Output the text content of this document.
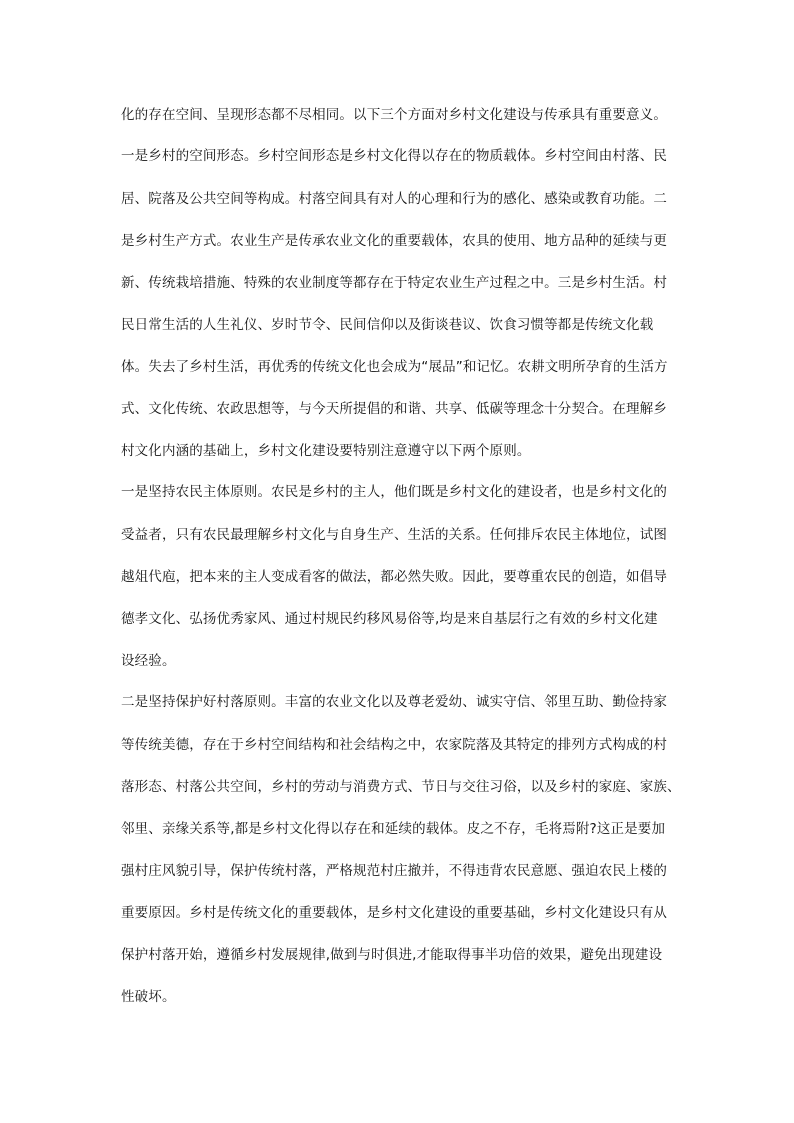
化的存在空间、呈现形态都不尽相同。以下三个方面对乡村文化建设与传承具有重要意义。
一是乡村的空间形态。乡村空间形态是乡村文化得以存在的物质载体。乡村空间由村落、民
居、院落及公共空间等构成。村落空间具有对人的心理和行为的感化、感染或教育功能。二
是乡村生产方式。农业生产是传承农业文化的重要载体，农具的使用、地方品种的延续与更
新、传统栽培措施、特殊的农业制度等都存在于特定农业生产过程之中。三是乡村生活。村
民日常生活的人生礼仪、岁时节令、民间信仰以及街谈巷议、饮食习惯等都是传统文化载
体。失去了乡村生活，再优秀的传统文化也会成为“展品”和记忆。农耕文明所孕育的生活方
式、文化传统、农政思想等，与今天所提倡的和谐、共享、低碳等理念十分契合。在理解乡
村文化内涵的基础上，乡村文化建设要特别注意遵守以下两个原则。
一是坚持农民主体原则。农民是乡村的主人，他们既是乡村文化的建设者，也是乡村文化的
受益者，只有农民最理解乡村文化与自身生产、生活的关系。任何排斥农民主体地位，试图
越俎代庖，把本来的主人变成看客的做法，都必然失败。因此，要尊重农民的创造，如倡导
德孝文化、弘扬优秀家风、通过村规民约移风易俗等,均是来自基层行之有效的乡村文化建
设经验。
二是坚持保护好村落原则。丰富的农业文化以及尊老爱幼、诚实守信、邻里互助、勤俭持家
等传统美德，存在于乡村空间结构和社会结构之中，农家院落及其特定的排列方式构成的村
落形态、村落公共空间，乡村的劳动与消费方式、节日与交往习俗，以及乡村的家庭、家族、
邻里、亲缘关系等,都是乡村文化得以存在和延续的载体。皮之不存，毛将焉附?这正是要加
强村庄风貌引导，保护传统村落，严格规范村庄撤并，不得违背农民意愿、强迫农民上楼的
重要原因。乡村是传统文化的重要载体，是乡村文化建设的重要基础，乡村文化建设只有从
保护村落开始，遵循乡村发展规律,做到与时俱进,才能取得事半功倍的效果，避免出现建设
性破坏。
